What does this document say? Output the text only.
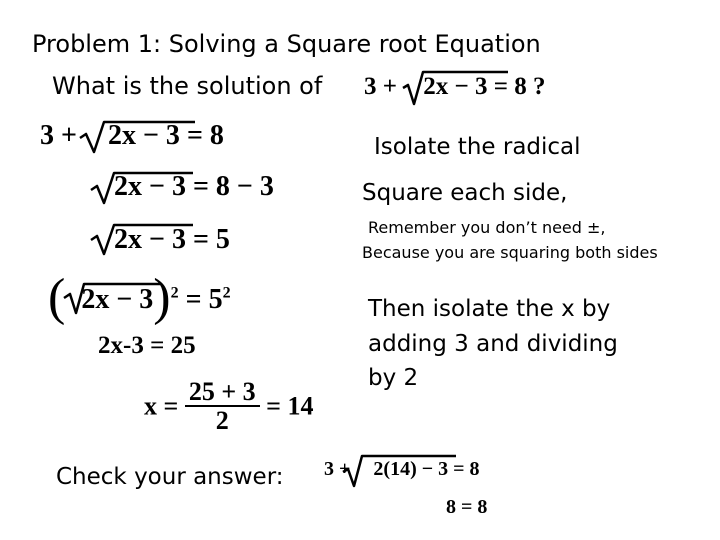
Problem 1: Solving a Square root Equation
What is the solution of 3 + 2x − 3 = 8 ?
3 + 2x − 3 = 8
2x − 3 = 8 − 3
2x − 3 = 5
( $2x - 3)^2 = 5^2$
2x-3 = 25
$x = \frac{25 + 3}{2} = 14$
Isolate the radical
Square each side,
Remember you don’t need ±,
Because you are squaring both sides
Then isolate the x by
adding 3 and dividing
by 2
Check your answer: 3 + 2(14) − 3 = 8
8 = 8
